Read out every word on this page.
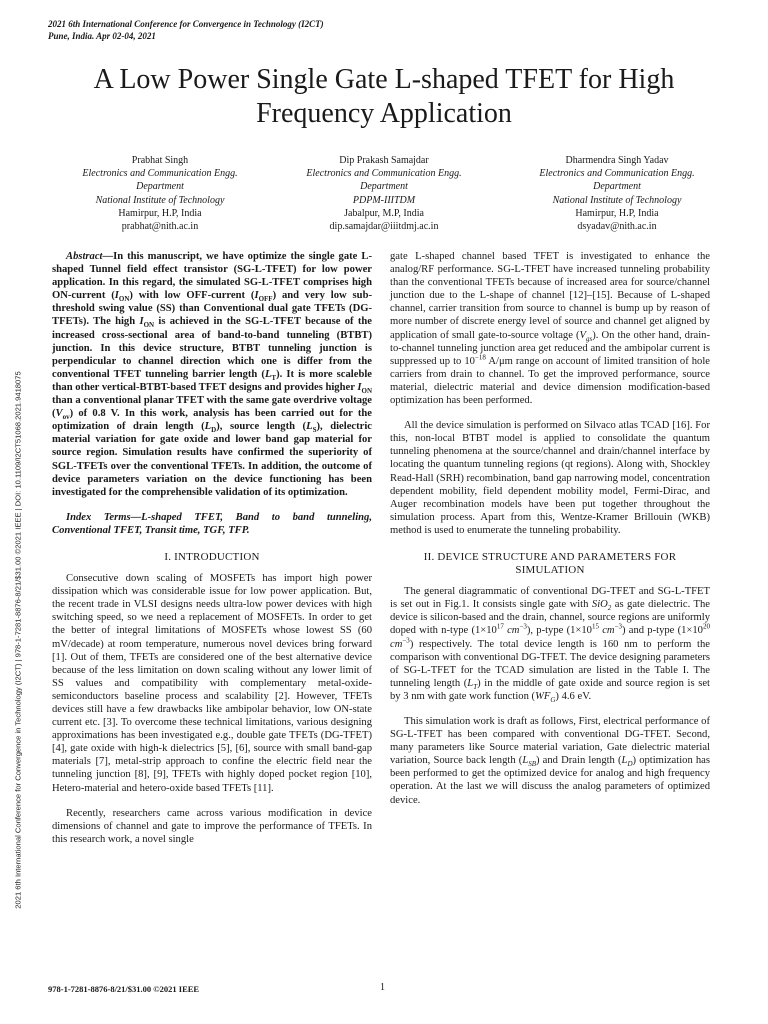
2021 6th International Conference for Convergence in Technology (I2CT)
Pune, India. Apr 02-04, 2021
A Low Power Single Gate L-shaped TFET for High Frequency Application
Prabhat Singh
Electronics and Communication Engg.
Department
National Institute of Technology
Hamirpur, H.P, India
prabhat@nith.ac.in
Dip Prakash Samajdar
Electronics and Communication Engg.
Department
PDPM-IIITDM
Jabalpur, M.P, India
dip.samajdar@iiitdmj.ac.in
Dharmendra Singh Yadav
Electronics and Communication Engg.
Department
National Institute of Technology
Hamirpur, H.P, India
dsyadav@nith.ac.in

Abstract—In this manuscript, we have optimize the single gate L-shaped Tunnel field effect transistor (SG-L-TFET) for low power application. In this regard, the simulated SG-L-TFET comprises high ON-current $(I_{ON})$ with low OFF-current $(I_{OFF})$ and very low sub-threshold swing value (SS) than Conventional dual gate TFETs (DG-TFETs). The high $I_{ON}$ is achieved in the SG-L-TFET because of the increased cross-sectional area of band-to-band tunneling (BTBT) junction. In this device structure, BTBT tunneling junction is perpendicular to channel direction which one is differ from the conventional TFET tunneling barrier length $(L_T)$. It is more scaleble than other vertical-BTBT-based TFET designs and provides higher $I_{ON}$ than a conventional planar TFET with the same gate overdrive voltage $(V_{ov})$ of 0.8 V. In this work, analysis has been carried out for the optimization of drain length $(L_D)$, source length $(L_S)$, dielectric material variation for gate oxide and lower band gap material for source region. Simulation results have confirmed the superiority of SGL-TFETs over the conventional TFETs. In addition, the outcome of device parameters variation on the device functioning has been investigated for the comprehensible validation of its optimization.

Index Terms—L-shaped TFET, Band to band tunneling, Conventional TFET, Transit time, TGF, TFP.

I. INTRODUCTION

Consecutive down scaling of MOSFETs has import high power dissipation which was considerable issue for low power application. But, the recent trade in VLSI designs needs ultra-low power devices with high switching speed, so we need a replacement of MOSFETs. In order to get the better of integral limitations of MOSFETs whose lowest SS (60 mV/decade) at room temperature, numerous novel devices bring forward [1]. Out of them, TFETs are considered one of the best alternative device because of the less limitation on down scaling without any lower limit of SS values and compatibility with complementary metal-oxide-semiconductors baseline process and scalability [2]. However, TFETs devices still have a few drawbacks like ambipolar behavior, low ON-state current etc. [3]. To overcome these technical limitations, various designing approximations has been investigated e.g., double gate TFETs (DG-TFET) [4], gate oxide with high-k dielectrics [5], [6], source with small band-gap materials [7], metal-strip approach to confine the electric field near the tunneling junction [8], [9], TFETs with highly doped pocket region [10], Hetero-material and hetero-oxide based TFETs [11].

Recently, researchers came across various modification in device dimensions of channel and gate to improve the performance of TFETs. In this research work, a novel single

gate L-shaped channel based TFET is investigated to enhance the analog/RF performance. SG-L-TFET have increased tunneling probability than the conventional TFETs because of increased area for source/channel junction due to the L-shape of channel [12]–[15]. Because of L-shaped channel, carrier transition from source to channel is bump up by reason of more number of discrete energy level of source and channel get aligned by application of small gate-to-source voltage $(V_{gs})$. On the other hand, drain-to-channel tunneling junction area get reduced and the ambipolar current is suppressed up to $10^{-18}$ A/μm range on account of limited transition of hole carriers from drain to channel. To get the improved performance, source material, dielectric material and device dimension modification-based optimization has been performed.

All the device simulation is performed on Silvaco atlas TCAD [16]. For this, non-local BTBT model is applied to consolidate the quantum tunneling phenomena at the source/channel and drain/channel interface by locating the quantum tunneling regions (qt regions). Along with, Shockley Read-Hall (SRH) recombination, band gap narrowing model, concentration dependent mobility, field dependent mobility model, Fermi-Dirac, and Auger recombination models have been put together throughout the simulation process. Apart from this, Wentze-Kramer Brillouin (WKB) method is used to enumerate the tunneling probability.

II. DEVICE STRUCTURE AND PARAMETERS FOR SIMULATION

The general diagrammatic of conventional DG-TFET and SG-L-TFET is set out in Fig.1. It consists single gate with SiO$_2$ as gate dielectric. The device is silicon-based and the drain, channel, source regions are uniformly doped with n-type ($1\times 10^{17}$ $cm^{-3}$), p-type ($1\times 10^{15}$ $cm^{-3}$) and p-type ($1\times 10^{20}$ $cm^{-3}$) respectively. The total device length is 160 nm to perform the comparison with conventional DG-TFET. The device designing parameters of SG-L-TFET for the TCAD simulation are listed in the Table I. The tunneling length $(L_T)$ in the middle of gate oxide and source region is set by 3 nm with gate work function $(WF_G)$ 4.6 eV.

This simulation work is draft as follows, First, electrical performance of SG-L-TFET has been compared with conventional DG-TFET. Second, many parameters like Source material variation, Gate dielectric material variation, Source back length $(L_{SB})$ and Drain length $(L_D)$ optimization has been performed to get the optimized device for analog and high frequency operation. At the last we will discuss the analog parameters of optimized device.

2021 6th International Conference for Convergence in Technology (I2CT) | 978-1-7281-8876-8/21/$31.00 ©2021 IEEE | DOI: 10.1109/I2CT51068.2021.9418075
978-1-7281-8876-8/21/$31.00 ©2021 IEEE	1
